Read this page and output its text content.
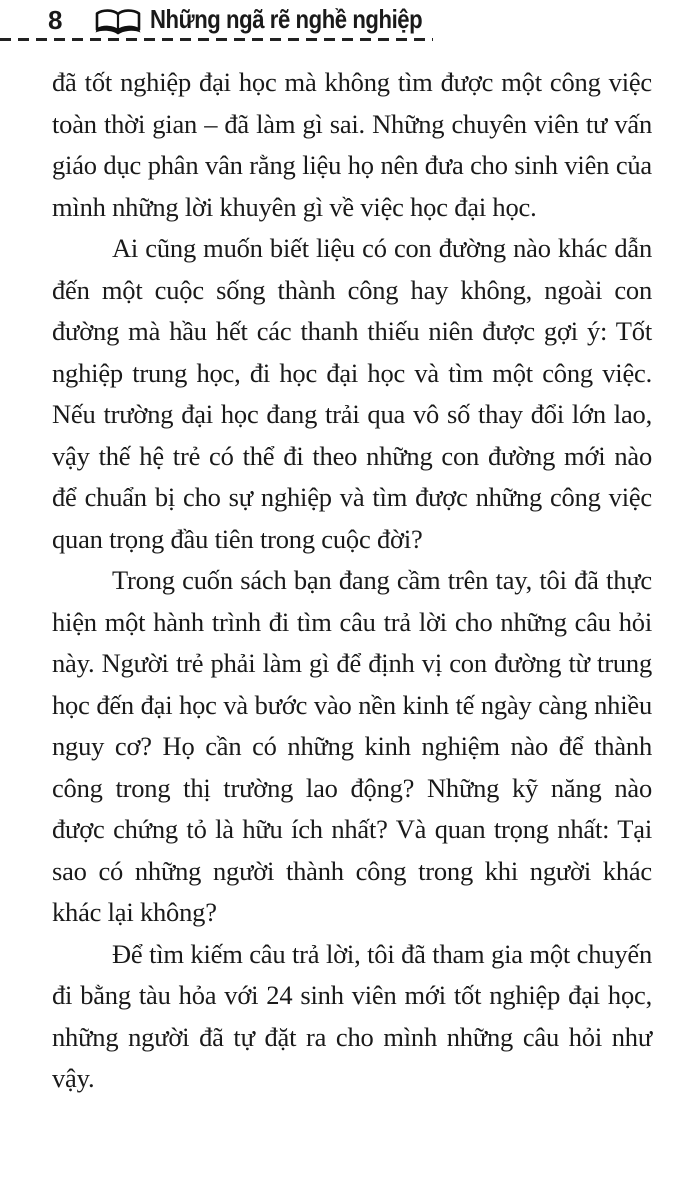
8	Những ngã rẽ nghề nghiệp

đã tốt nghiệp đại học mà không tìm được một công việc toàn thời gian – đã làm gì sai. Những chuyên viên tư vấn giáo dục phân vân rằng liệu họ nên đưa cho sinh viên của mình những lời khuyên gì về việc học đại học.

Ai cũng muốn biết liệu có con đường nào khác dẫn đến một cuộc sống thành công hay không, ngoài con đường mà hầu hết các thanh thiếu niên được gợi ý: Tốt nghiệp trung học, đi học đại học và tìm một công việc. Nếu trường đại học đang trải qua vô số thay đổi lớn lao, vậy thế hệ trẻ có thể đi theo những con đường mới nào để chuẩn bị cho sự nghiệp và tìm được những công việc quan trọng đầu tiên trong cuộc đời?

Trong cuốn sách bạn đang cầm trên tay, tôi đã thực hiện một hành trình đi tìm câu trả lời cho những câu hỏi này. Người trẻ phải làm gì để định vị con đường từ trung học đến đại học và bước vào nền kinh tế ngày càng nhiều nguy cơ? Họ cần có những kinh nghiệm nào để thành công trong thị trường lao động? Những kỹ năng nào được chứng tỏ là hữu ích nhất? Và quan trọng nhất: Tại sao có những người thành công trong khi người khác khác lại không?

Để tìm kiếm câu trả lời, tôi đã tham gia một chuyến đi bằng tàu hỏa với 24 sinh viên mới tốt nghiệp đại học, những người đã tự đặt ra cho mình những câu hỏi như vậy.
